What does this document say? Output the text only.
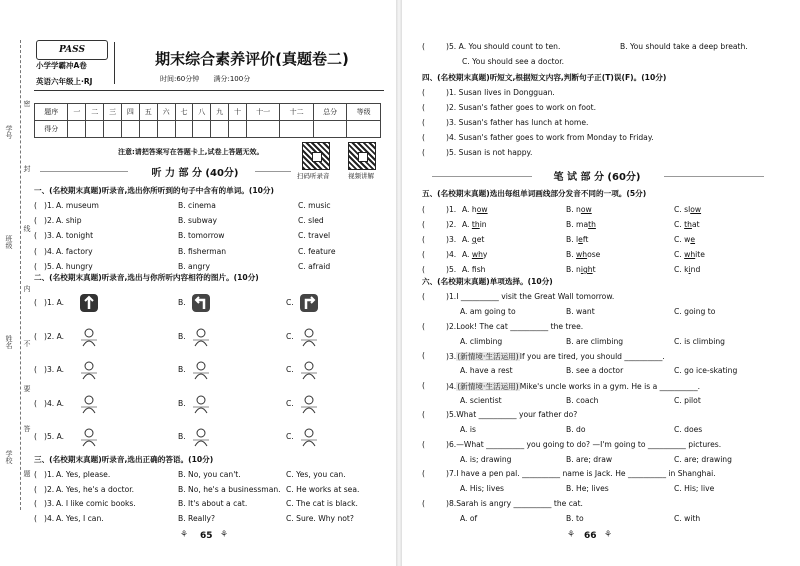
学号
班级
姓名
学校
密
封
线
内
不
要
答
题
PASS
小学学霸冲A卷
英语六年级上·RJ
期末综合素养评价(真题卷二)
时间:60分钟 满分:100分
题序	一	二	三	四	五	六	七	八	九	十	十一	十二	总分	等级
得分														
注意:请把答案写在答题卡上,试卷上答题无效。
扫码听录音	视频讲解
听 力 部 分 (40分)
一、(名校期末真题)听录音,选出你所听到的句子中含有的单词。(10分)
二、(名校期末真题)听录音,选出与你所听内容相符的图片。(10分)
三、(名校期末真题)听录音,选出正确的答语。(10分)
⚘ 65 ⚘
( )1. A. museum	B. cinema	C. music
( )2. A. ship	B. subway	C. sled
( )3. A. tonight	B. tomorrow	C. travel
( )4. A. factory	B. fisherman	C. feature
( )5. A. hungry	B. angry	C. afraid
( )1. A.	B.	C.
( )2. A.	B.	C.
( )3. A.	B.	C.
( )4. A.	B.	C.
( )5. A.	B.	C.
( )1. A. Yes, please.	B. No, you can't.	C. Yes, you can.
( )2. A. Yes, he's a doctor.	B. No, he's a businessman. C. He works at sea.
( )3. A. I like comic books.	B. It's about a cat.	C. The cat is black.
( )4. A. Yes, I can.	B. Really?	C. Sure. Why not?
(	)5. A. You should count to ten.	B. You should take a deep breath.
C. You should see a doctor.
四、(名校期末真题)听短文,根据短文内容,判断句子正(T)误(F)。(10分)
笔 试 部 分 (60分)
五、(名校期末真题)选出每组单词画线部分发音不同的一项。(5分)
六、(名校期末真题)单项选择。(10分)
⚘ 66 ⚘
(	)1. Susan lives in Dongguan.
(	)2. Susan's father goes to work on foot.
(	)3. Susan's father has lunch at home.
(	)4. Susan's father goes to work from Monday to Friday.
(	)5. Susan is not happy.
(	)1. A. how	B. now	C. slow
(	)2. A. thin	B. math	C. that
(	)3. A. get	B. left	C. we
(	)4. A. why	B. whose	C. white
(	)5. A. fsh	B. night	C. kind
(	)1.I __________ visit the Great Wall tomorrow.
A. am going to	B. want	C. going to
(	)2.Look! The cat __________ the tree.
A. climbing	B. are climbing	C. is climbing
(	)3.(新情境·生活运用)If you are tired, you should __________.
A. have a rest	B. see a doctor	C. go ice-skating
(	)4.(新情境·生活运用)Mike's uncle works in a gym. He is a __________.
A. scientist	B. coach	C. pilot
(	)5.What __________ your father do?
A. is	B. do	C. does
(	)6.—What __________ you going to do? —I'm going to __________ pictures.
A. is; drawing	B. are; draw	C. are; drawing
(	)7.I have a pen pal. __________ name is Jack. He __________ in Shanghai.
A. His; lives	B. He; lives	C. His; live
(	)8.Sarah is angry __________ the cat.
A. of	B. to	C. with
